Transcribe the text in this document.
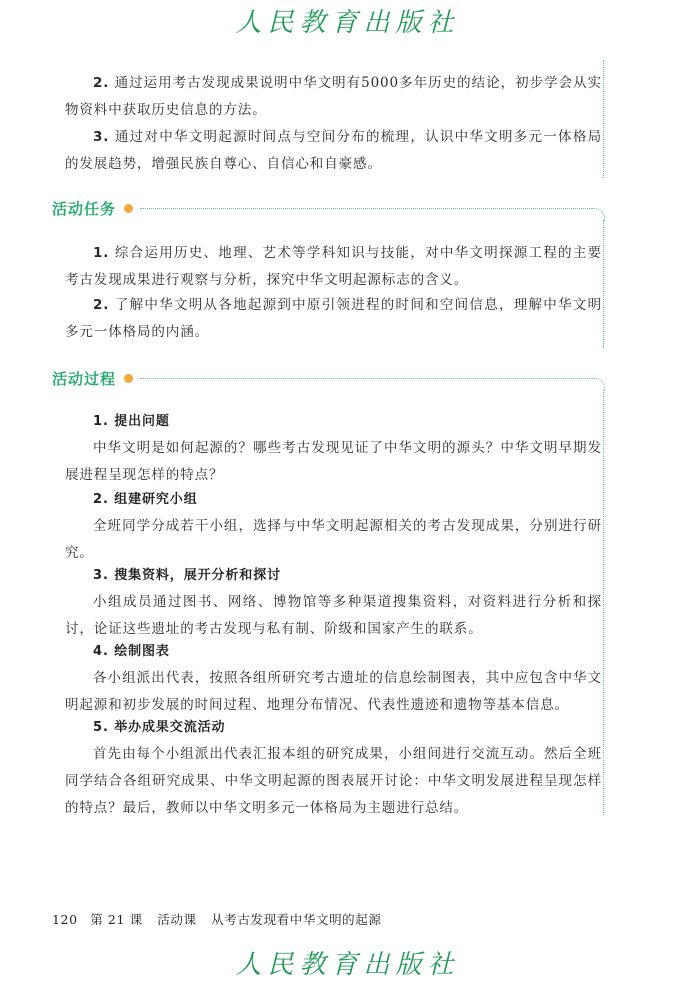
人民教育出版社
2. 通过运用考古发现成果说明中华文明有5000多年历史的结论，初步学会从实物资料中获取历史信息的方法。
3. 通过对中华文明起源时间点与空间分布的梳理，认识中华文明多元一体格局的发展趋势，增强民族自尊心、自信心和自豪感。
活动任务
1. 综合运用历史、地理、艺术等学科知识与技能，对中华文明探源工程的主要考古发现成果进行观察与分析，探究中华文明起源标志的含义。
2. 了解中华文明从各地起源到中原引领进程的时间和空间信息，理解中华文明多元一体格局的内涵。
活动过程
1. 提出问题
中华文明是如何起源的？哪些考古发现见证了中华文明的源头？中华文明早期发展进程呈现怎样的特点？
2. 组建研究小组
全班同学分成若干小组，选择与中华文明起源相关的考古发现成果，分别进行研究。
3. 搜集资料，展开分析和探讨
小组成员通过图书、网络、博物馆等多种渠道搜集资料，对资料进行分析和探讨，论证这些遗址的考古发现与私有制、阶级和国家产生的联系。
4. 绘制图表
各小组派出代表，按照各组所研究考古遗址的信息绘制图表，其中应包含中华文明起源和初步发展的时间过程、地理分布情况、代表性遗迹和遗物等基本信息。
5. 举办成果交流活动
首先由每个小组派出代表汇报本组的研究成果，小组间进行交流互动。然后全班同学结合各组研究成果、中华文明起源的图表展开讨论：中华文明发展进程呈现怎样的特点？最后，教师以中华文明多元一体格局为主题进行总结。
120 第 21 课 活动课 从考古发现看中华文明的起源
人民教育出版社
